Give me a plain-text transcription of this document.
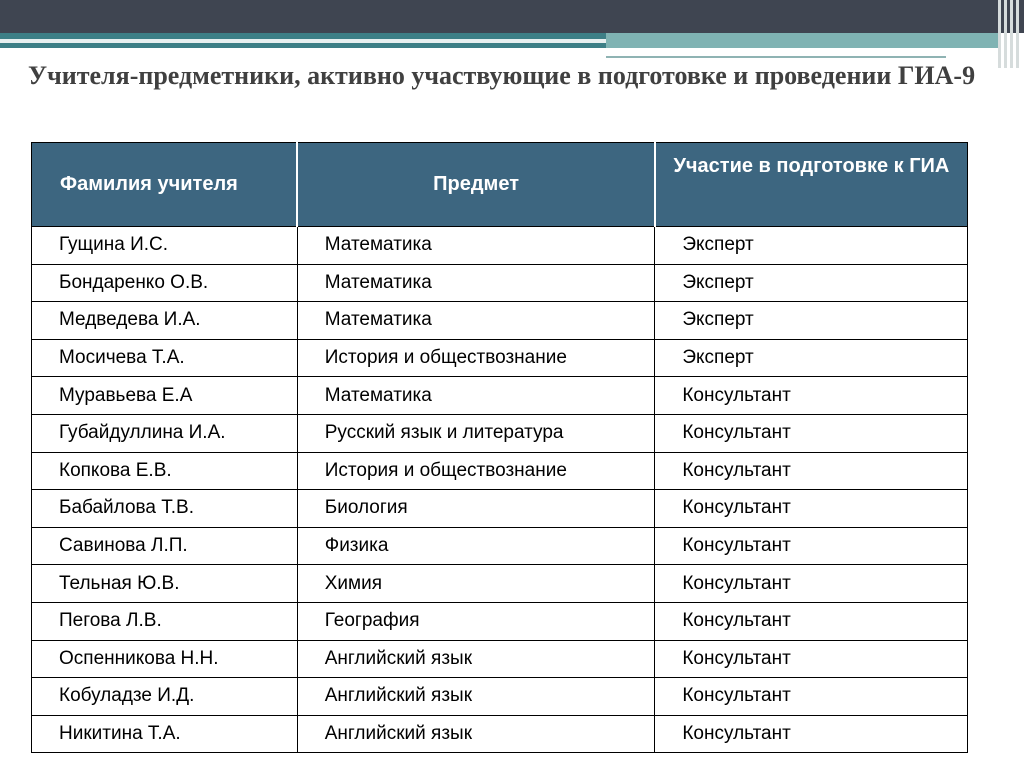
Учителя-предметники, активно участвующие в подготовке и проведении ГИА-9
Фамилия учителя	Предмет	Участие в подготовке к ГИА
Гущина И.С.	Математика	Эксперт
Бондаренко О.В.	Математика	Эксперт
Медведева И.А.	Математика	Эксперт
Мосичева Т.А.	История и обществознание	Эксперт
Муравьева Е.А	Математика	Консультант
Губайдуллина И.А.	Русский язык и литература	Консультант
Копкова Е.В.	История и обществознание	Консультант
Бабайлова Т.В.	Биология	Консультант
Савинова Л.П.	Физика	Консультант
Тельная Ю.В.	Химия	Консультант
Пегова Л.В.	География	Консультант
Оспенникова Н.Н.	Английский язык	Консультант
Кобуладзе И.Д.	Английский язык	Консультант
Никитина Т.А.	Английский язык	Консультант
